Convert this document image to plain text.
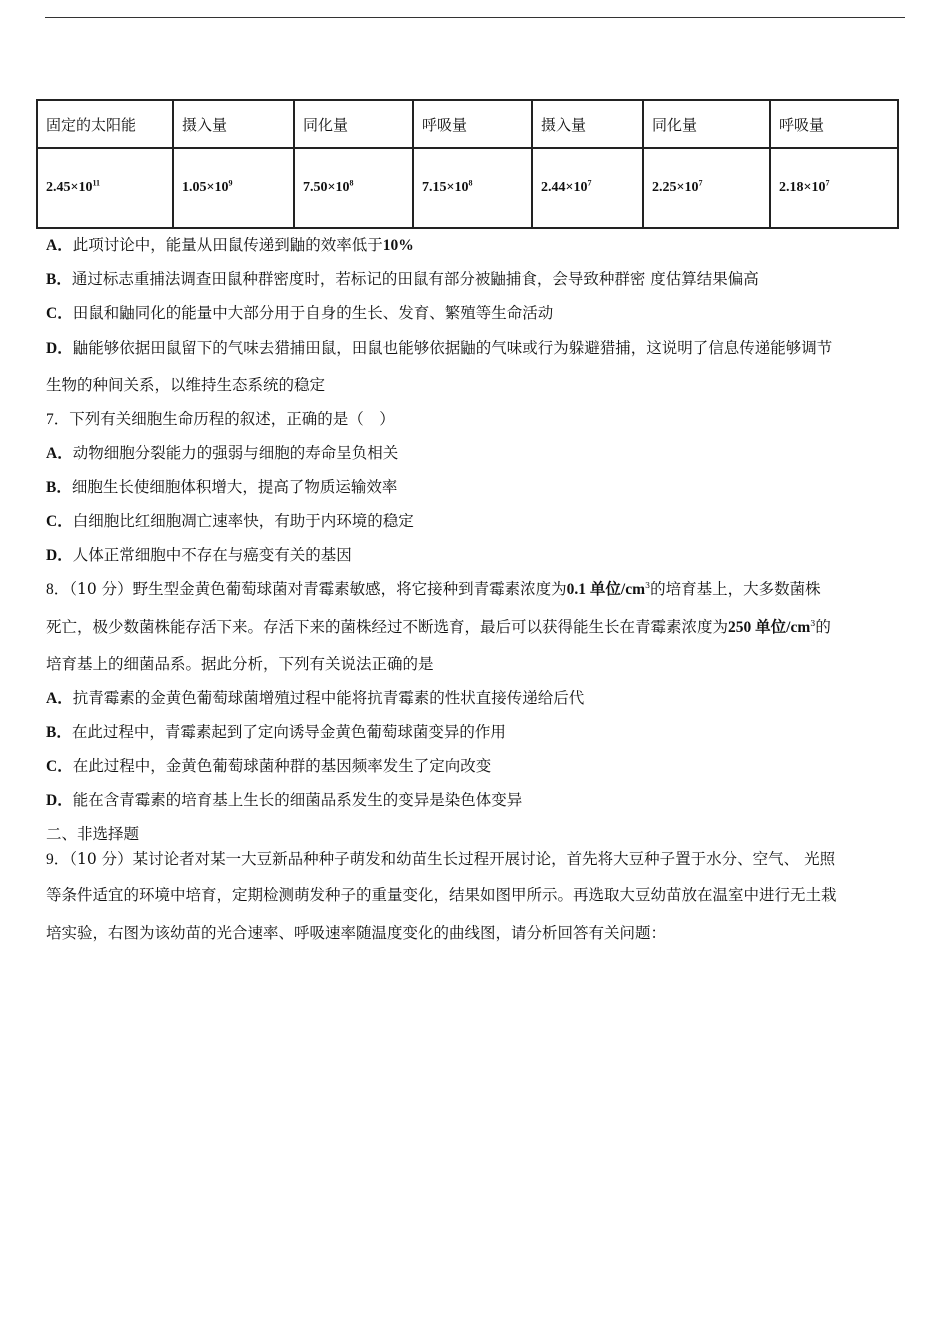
固定的太阳能	摄入量	同化量	呼吸量	摄入量	同化量	呼吸量
$2.45\times 10^{11}$	$1.05\times 10^9$	$7.50\times 10^8$	$7.15\times 10^8$	$2.44\times 10^7$	$2.25\times 10^7$	$2.18\times 10^7$
A．此项讨论中，能量从田鼠传递到鼬的效率低于10%
B．通过标志重捕法调查田鼠种群密度时，若标记的田鼠有部分被鼬捕食，会导致种群密 度估算结果偏高
C．田鼠和鼬同化的能量中大部分用于自身的生长、发育、繁殖等生命活动
D．鼬能够依据田鼠留下的气味去猎捕田鼠，田鼠也能够依据鼬的气味或行为躲避猎捕，这说明了信息传递能够调节
生物的种间关系，以维持生态系统的稳定
7．下列有关细胞生命历程的叙述，正确的是（　）
A．动物细胞分裂能力的强弱与细胞的寿命呈负相关
B．细胞生长使细胞体积增大，提高了物质运输效率
C．白细胞比红细胞凋亡速率快，有助于内环境的稳定
D．人体正常细胞中不存在与癌变有关的基因
8．（10 分）野生型金黄色葡萄球菌对青霉素敏感，将它接种到青霉素浓度为0.1 单位$/cm^3$的培育基上，大多数菌株
死亡，极少数菌株能存活下来。存活下来的菌株经过不断选育，最后可以获得能生长在青霉素浓度为250 单位$/cm^3$的
培育基上的细菌品系。据此分析，下列有关说法正确的是
A．抗青霉素的金黄色葡萄球菌增殖过程中能将抗青霉素的性状直接传递给后代
B．在此过程中，青霉素起到了定向诱导金黄色葡萄球菌变异的作用
C．在此过程中，金黄色葡萄球菌种群的基因频率发生了定向改变
D．能在含青霉素的培育基上生长的细菌品系发生的变异是染色体变异
二、非选择题
9．（10 分）某讨论者对某一大豆新品种种子萌发和幼苗生长过程开展讨论，首先将大豆种子置于水分、空气、 光照
等条件适宜的环境中培育，定期检测萌发种子的重量变化，结果如图甲所示。再选取大豆幼苗放在温室中进行无土栽
培实验，右图为该幼苗的光合速率、呼吸速率随温度变化的曲线图，请分析回答有关问题：
